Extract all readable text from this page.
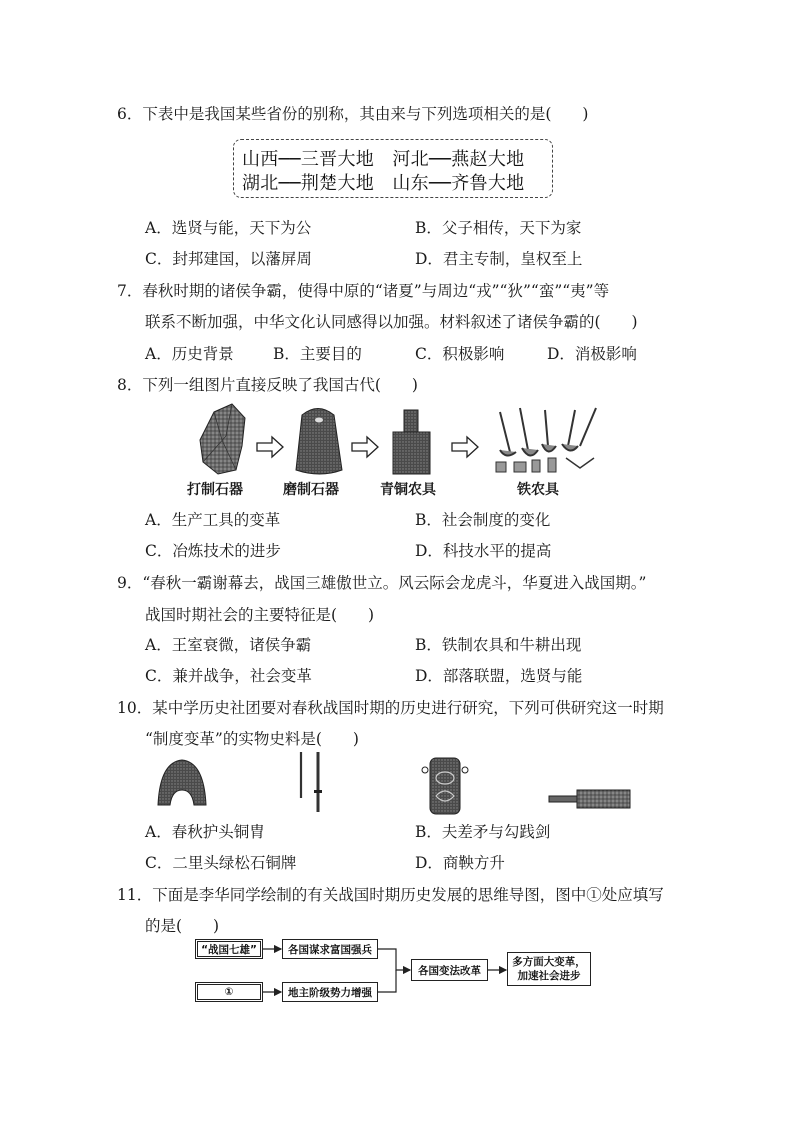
6．下表中是我国某些省份的别称，其由来与下列选项相关的是(　　)
山西──三晋大地　河北──燕赵大地
湖北──荆楚大地　山东──齐鲁大地
A．选贤与能，天下为公	B．父子相传，天下为家
C．封邦建国，以藩屏周	D．君主专制，皇权至上
7．春秋时期的诸侯争霸，使得中原的“诸夏”与周边“戎”“狄”“蛮”“夷”等
联系不断加强，中华文化认同感得以加强。材料叙述了诸侯争霸的(　　)
A．历史背景	B．主要目的	C．积极影响	D．消极影响
8．下列一组图片直接反映了我国古代(　　)
打制石器	磨制石器	青铜农具	铁农具
A．生产工具的变革	B．社会制度的变化
C．冶炼技术的进步	D．科技水平的提高
9．“春秋一霸谢幕去，战国三雄傲世立。风云际会龙虎斗，华夏进入战国期。”
战国时期社会的主要特征是(　　)
A．王室衰微，诸侯争霸	B．铁制农具和牛耕出现
C．兼并战争，社会变革	D．部落联盟，选贤与能
10．某中学历史社团要对春秋战国时期的历史进行研究，下列可供研究这一时期
“制度变革”的实物史料是(　　)
A．春秋护头铜胄	B．夫差矛与勾践剑
C．二里头绿松石铜牌	D．商鞅方升
11．下面是李华同学绘制的有关战国时期历史发展的思维导图，图中①处应填写
的是(　　)
“战国七雄”	各国谋求富国强兵
①	地主阶级势力增强
各国变法改革
多方面大变革，
加速社会进步
